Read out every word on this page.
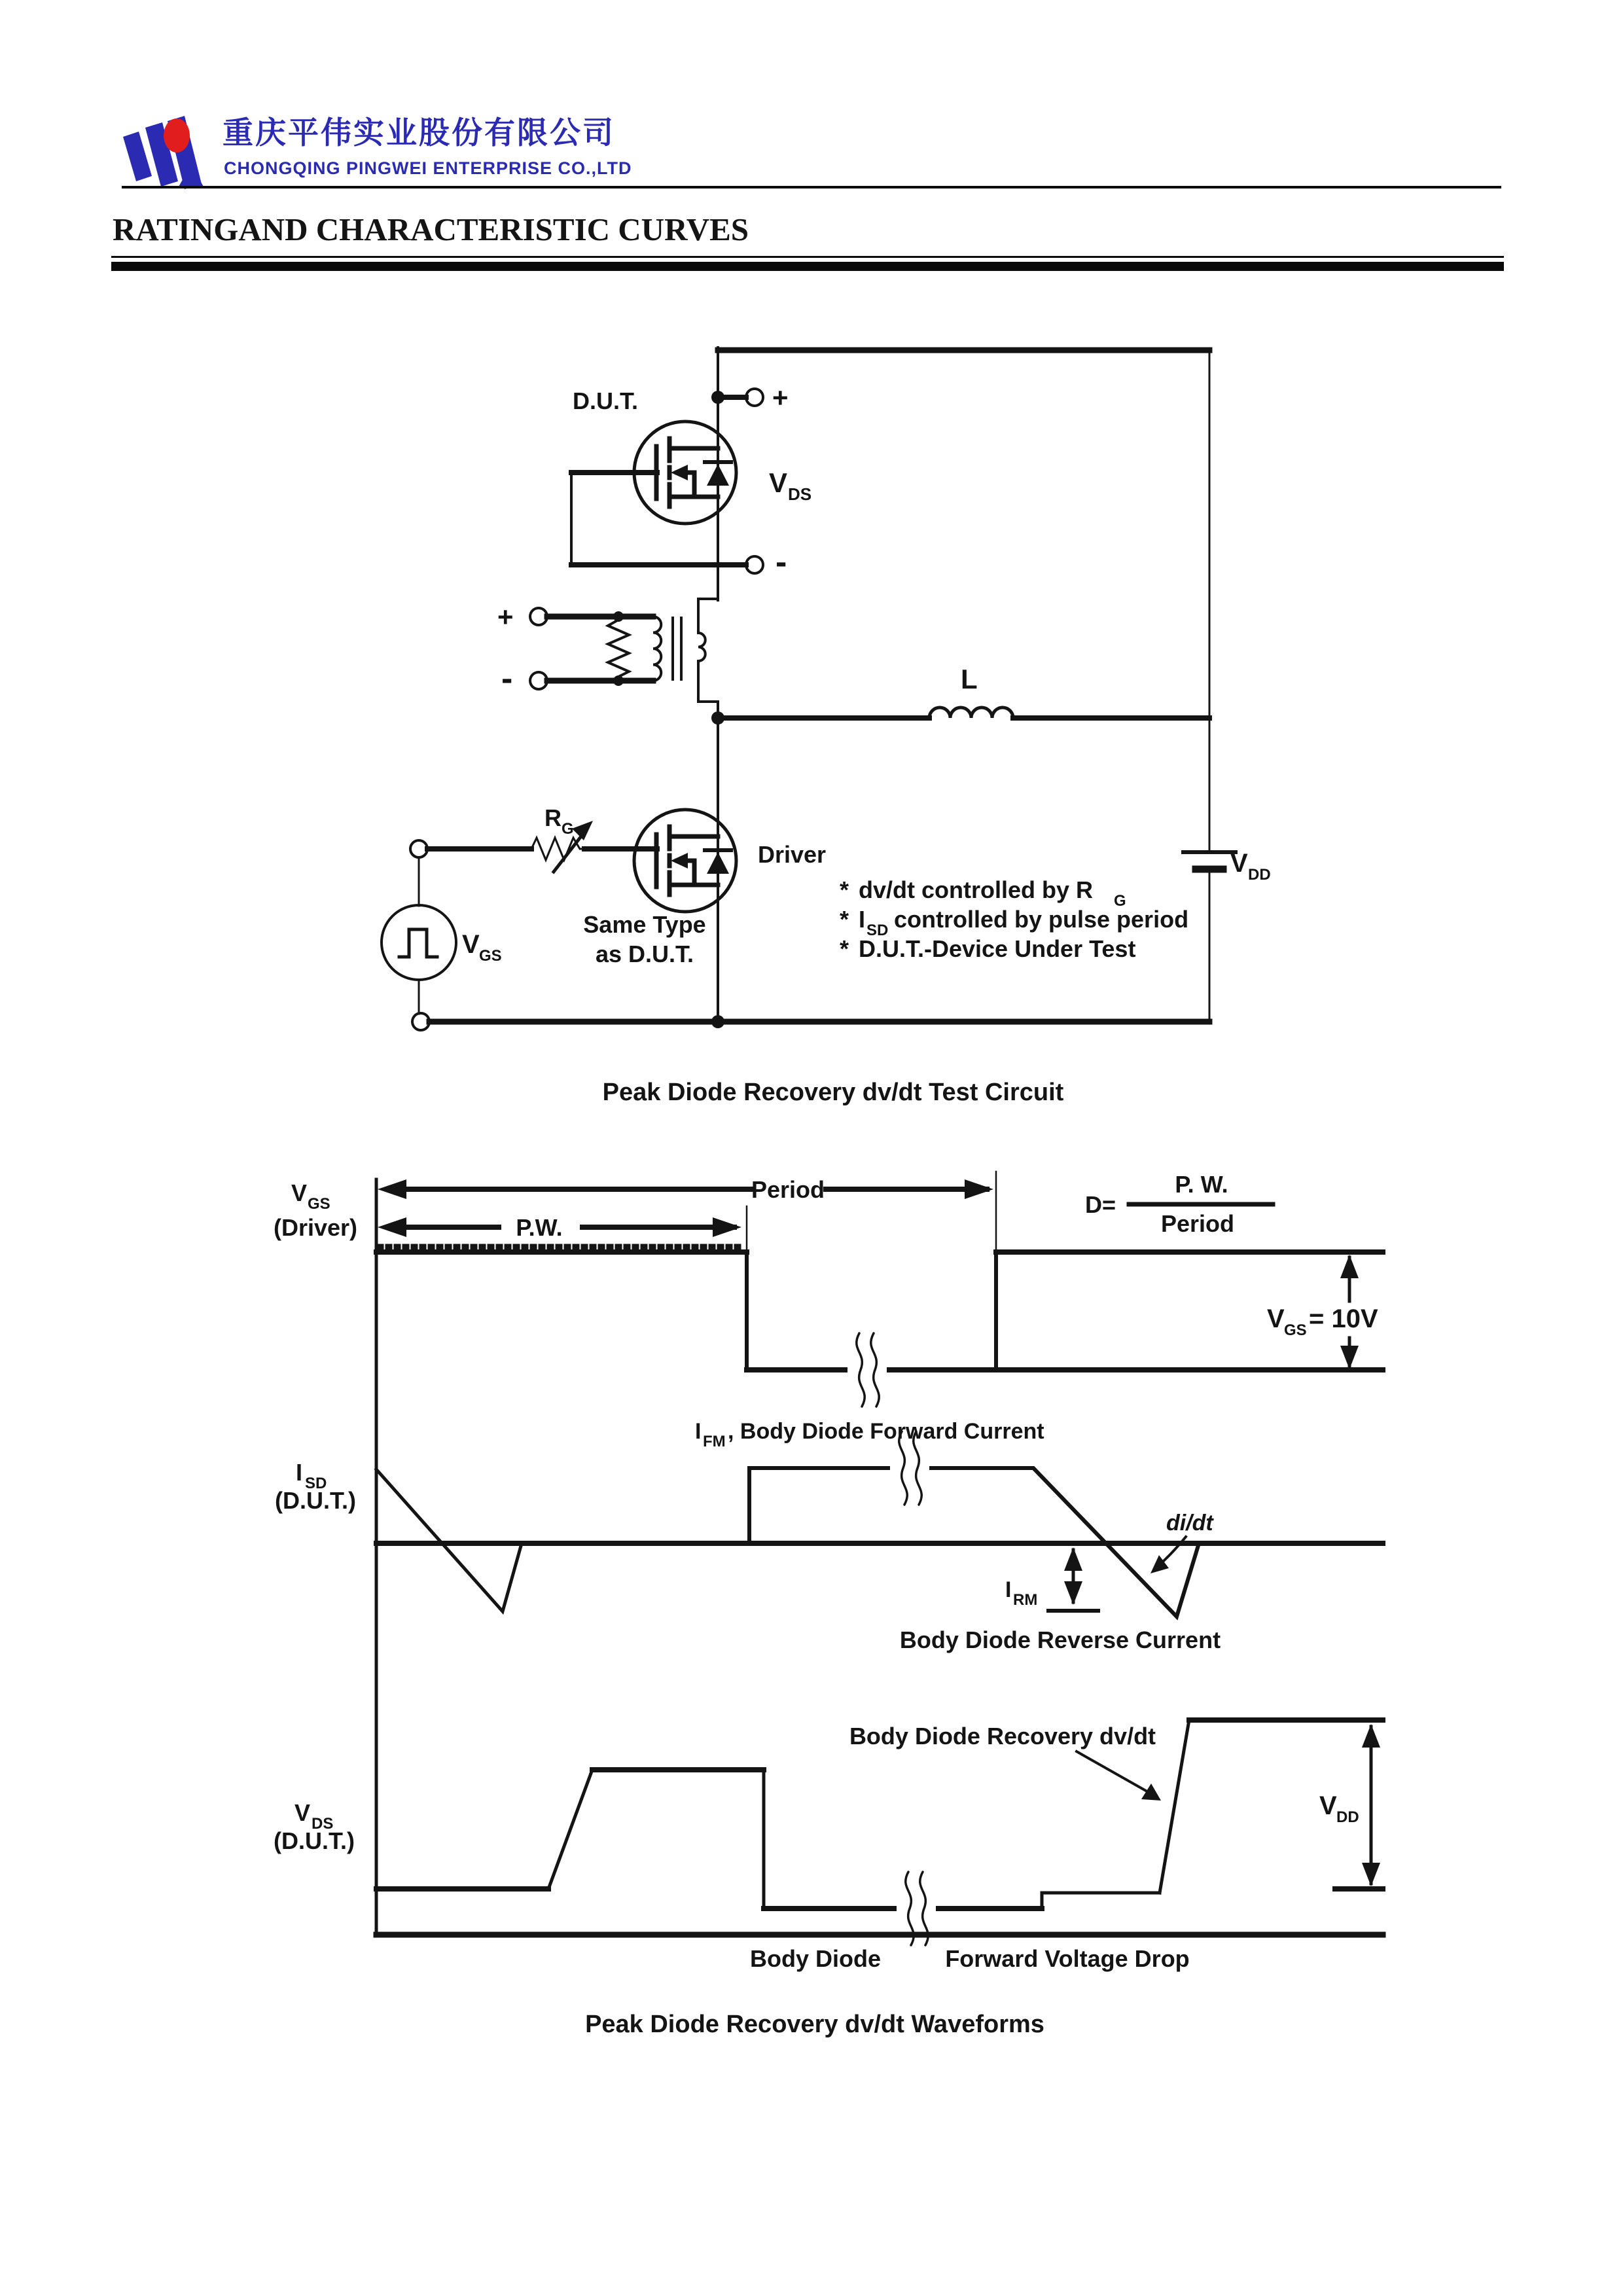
重庆平伟实业股份有限公司
CHONGQING PINGWEI ENTERPRISE CO.,LTD
RATINGAND CHARACTERISTIC CURVES
D.U.T.	+
-
V DS
+
-	L
R G
Driver
Same Type
as D.U.T.
V GS
V DD
* dv/dt controlled by R G
* I SD controlled by pulse period
* D.U.T.-Device Under Test
V GS
(Driver)
Period
P.W.
D=
P. W.
Period
V GS = 10V
I SD
(D.U.T.)
I FM , Body Diode Forward Current
di/dt
I RM
Body Diode Reverse Current
V DS
(D.U.T.)
Body Diode Recovery dv/dt
V DD
Body Diode	Forward Voltage Drop
Peak Diode Recovery dv/dt Test Circuit
Peak Diode Recovery dv/dt Waveforms
